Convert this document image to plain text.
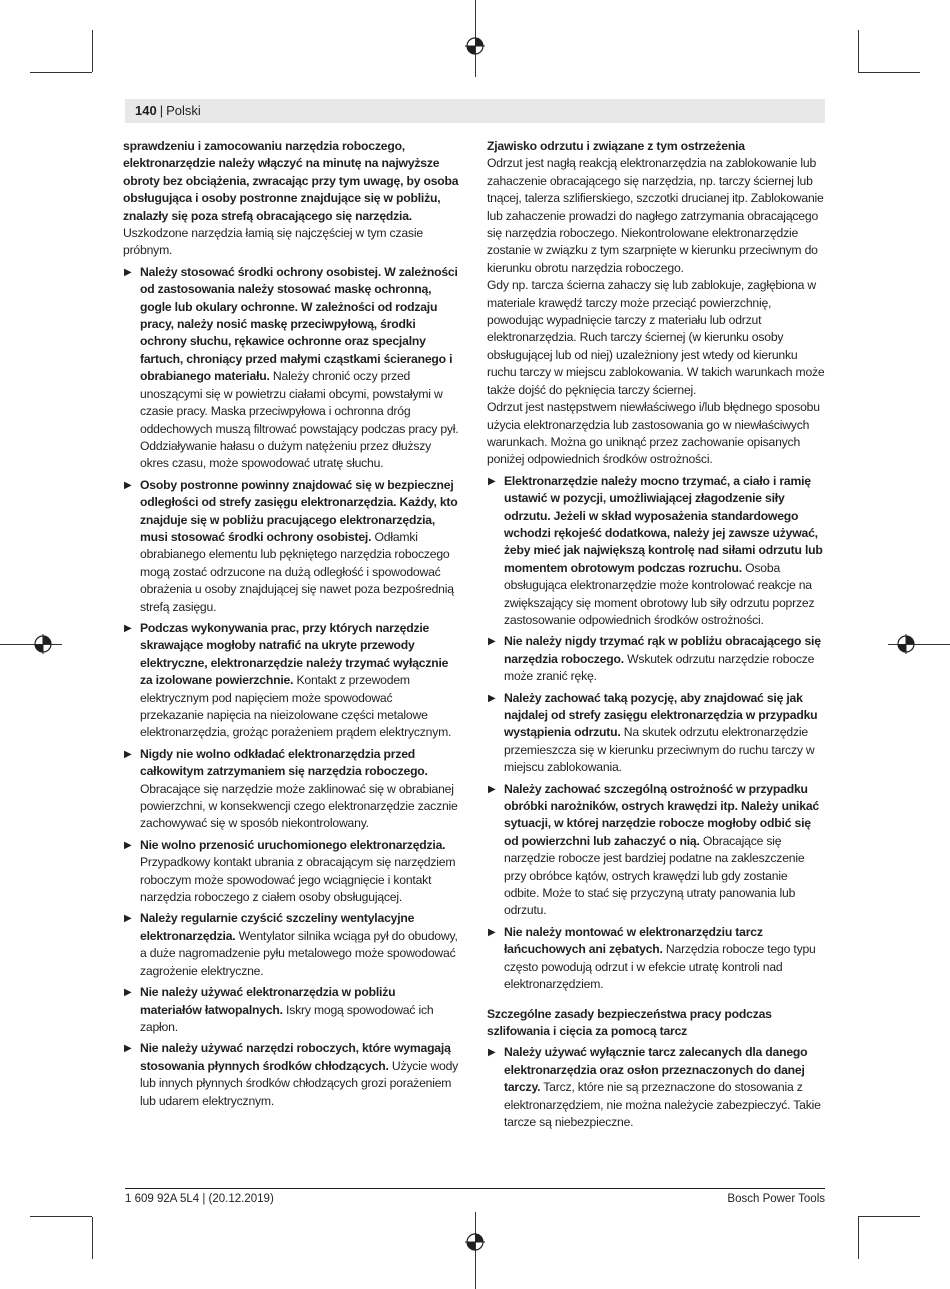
140 | Polski

sprawdzeniu i zamocowaniu narzędzia roboczego, elektronarzędzie należy włączyć na minutę na najwyższe obroty bez obciążenia, zwracając przy tym uwagę, by osoba obsługująca i osoby postronne znajdujące się w pobliżu, znalazły się poza strefą obracającego się narzędzia. Uszkodzone narzędzia łamią się najczęściej w tym czasie próbnym.

▶ Należy stosować środki ochrony osobistej. W zależności od zastosowania należy stosować maskę ochronną, gogle lub okulary ochronne. W zależności od rodzaju pracy, należy nosić maskę przeciwpyłową, środki ochrony słuchu, rękawice ochronne oraz specjalny fartuch, chroniący przed małymi cząstkami ścieranego i obrabianego materiału. Należy chronić oczy przed unoszącymi się w powietrzu ciałami obcymi, powstałymi w czasie pracy. Maska przeciwpyłowa i ochronna dróg oddechowych muszą filtrować powstający podczas pracy pył. Oddziaływanie hałasu o dużym natężeniu przez dłuższy okres czasu, może spowodować utratę słuchu.
▶ Osoby postronne powinny znajdować się w bezpiecznej odległości od strefy zasięgu elektronarzędzia. Każdy, kto znajduje się w pobliżu pracującego elektronarzędzia, musi stosować środki ochrony osobistej. Odłamki obrabianego elementu lub pękniętego narzędzia roboczego mogą zostać odrzucone na dużą odległość i spowodować obrażenia u osoby znajdującej się nawet poza bezpośrednią strefą zasięgu.
▶ Podczas wykonywania prac, przy których narzędzie skrawające mogłoby natrafić na ukryte przewody elektryczne, elektronarzędzie należy trzymać wyłącznie za izolowane powierzchnie. Kontakt z przewodem elektrycznym pod napięciem może spowodować przekazanie napięcia na nieizolowane części metalowe elektronarzędzia, grożąc porażeniem prądem elektrycznym.
▶ Nigdy nie wolno odkładać elektronarzędzia przed całkowitym zatrzymaniem się narzędzia roboczego. Obracające się narzędzie może zaklinować się w obrabianej powierzchni, w konsekwencji czego elektronarzędzie zacznie zachowywać się w sposób niekontrolowany.
▶ Nie wolno przenosić uruchomionego elektronarzędzia. Przypadkowy kontakt ubrania z obracającym się narzędziem roboczym może spowodować jego wciągnięcie i kontakt narzędzia roboczego z ciałem osoby obsługującej.
▶ Należy regularnie czyścić szczeliny wentylacyjne elektronarzędzia. Wentylator silnika wciąga pył do obudowy, a duże nagromadzenie pyłu metalowego może spowodować zagrożenie elektryczne.
▶ Nie należy używać elektronarzędzia w pobliżu materiałów łatwopalnych. Iskry mogą spowodować ich zapłon.
▶ Nie należy używać narzędzi roboczych, które wymagają stosowania płynnych środków chłodzących. Użycie wody lub innych płynnych środków chłodzących grozi porażeniem lub udarem elektrycznym.

Zjawisko odrzutu i związane z tym ostrzeżenia

Odrzut jest nagłą reakcją elektronarzędzia na zablokowanie lub zahaczenie obracającego się narzędzia, np. tarczy ściernej lub tnącej, talerza szlifierskiego, szczotki drucianej itp. Zablokowanie lub zahaczenie prowadzi do nagłego zatrzymania obracającego się narzędzia roboczego. Niekontrolowane elektronarzędzie zostanie w związku z tym szarpnięte w kierunku przeciwnym do kierunku obrotu narzędzia roboczego.

Gdy np. tarcza ścierna zahaczy się lub zablokuje, zagłębiona w materiale krawędź tarczy może przeciąć powierzchnię, powodując wypadnięcie tarczy z materiału lub odrzut elektronarzędzia. Ruch tarczy ściernej (w kierunku osoby obsługującej lub od niej) uzależniony jest wtedy od kierunku ruchu tarczy w miejscu zablokowania. W takich warunkach może także dojść do pęknięcia tarczy ściernej.

Odrzut jest następstwem niewłaściwego i/lub błędnego sposobu użycia elektronarzędzia lub zastosowania go w niewłaściwych warunkach. Można go uniknąć przez zachowanie opisanych poniżej odpowiednich środków ostrożności.

▶ Elektronarzędzie należy mocno trzymać, a ciało i ramię ustawić w pozycji, umożliwiającej złagodzenie siły odrzutu. Jeżeli w skład wyposażenia standardowego wchodzi rękojeść dodatkowa, należy jej zawsze używać, żeby mieć jak największą kontrolę nad siłami odrzutu lub momentem obrotowym podczas rozruchu. Osoba obsługująca elektronarzędzie może kontrolować reakcje na zwiększający się moment obrotowy lub siły odrzutu poprzez zastosowanie odpowiednich środków ostrożności.
▶ Nie należy nigdy trzymać rąk w pobliżu obracającego się narzędzia roboczego. Wskutek odrzutu narzędzie robocze może zranić rękę.
▶ Należy zachować taką pozycję, aby znajdować się jak najdalej od strefy zasięgu elektronarzędzia w przypadku wystąpienia odrzutu. Na skutek odrzutu elektronarzędzie przemieszcza się w kierunku przeciwnym do ruchu tarczy w miejscu zablokowania.
▶ Należy zachować szczególną ostrożność w przypadku obróbki narożników, ostrych krawędzi itp. Należy unikać sytuacji, w której narzędzie robocze mogłoby odbić się od powierzchni lub zahaczyć o nią. Obracające się narzędzie robocze jest bardziej podatne na zakleszczenie przy obróbce kątów, ostrych krawędzi lub gdy zostanie odbite. Może to stać się przyczyną utraty panowania lub odrzutu.
▶ Nie należy montować w elektronarzędziu tarcz łańcuchowych ani zębatych. Narzędzia robocze tego typu często powodują odrzut i w efekcie utratę kontroli nad elektronarzędziem.

Szczególne zasady bezpieczeństwa pracy podczas szlifowania i cięcia za pomocą tarcz

▶ Należy używać wyłącznie tarcz zalecanych dla danego elektronarzędzia oraz osłon przeznaczonych do danej tarczy. Tarcz, które nie są przeznaczone do stosowania z elektronarzędziem, nie można należycie zabezpieczyć. Takie tarcze są niebezpieczne.
1 609 92A 5L4 | (20.12.2019)	Bosch Power Tools
